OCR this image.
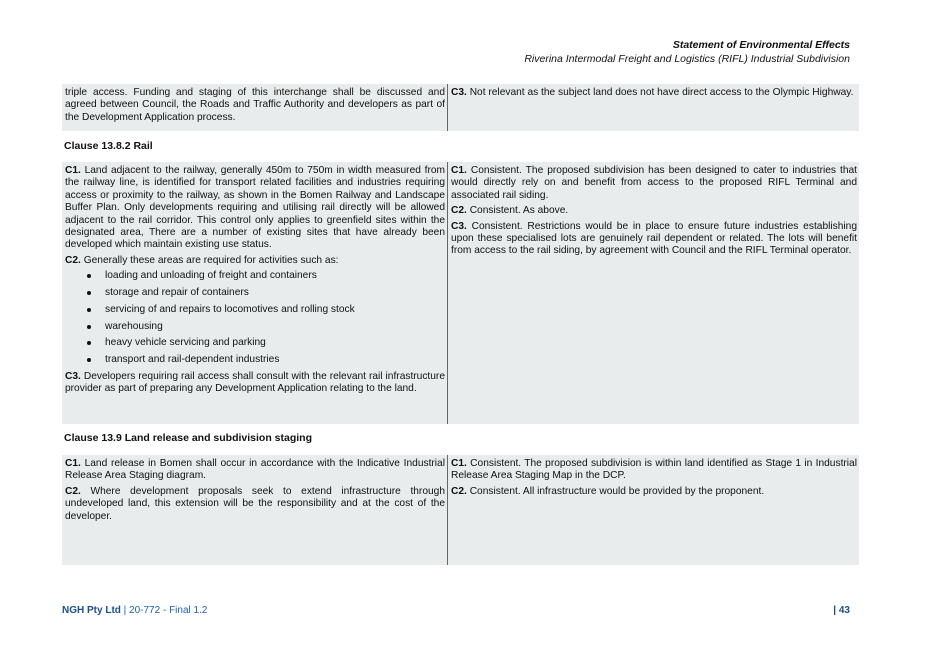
Statement of Environmental Effects
Riverina Intermodal Freight and Logistics (RIFL) Industrial Subdivision

triple access. Funding and staging of this interchange shall be discussed and agreed between Council, the Roads and Traffic Authority and developers as part of the Development Application process.

C3. Not relevant as the subject land does not have direct access to the Olympic Highway.

Clause 13.8.2 Rail

C1. Land adjacent to the railway, generally 450m to 750m in width measured from the railway line, is identified for transport related facilities and industries requiring access or proximity to the railway, as shown in the Bomen Railway and Landscape Buffer Plan. Only developments requiring and utilising rail directly will be allowed adjacent to the rail corridor. This control only applies to greenfield sites within the designated area, There are a number of existing sites that have already been developed which maintain existing use status.

C2. Generally these areas are required for activities such as:

loading and unloading of freight and containers
storage and repair of containers
servicing of and repairs to locomotives and rolling stock
warehousing
heavy vehicle servicing and parking
transport and rail-dependent industries

C3. Developers requiring rail access shall consult with the relevant rail infrastructure provider as part of preparing any Development Application relating to the land.

C1. Consistent. The proposed subdivision has been designed to cater to industries that would directly rely on and benefit from access to the proposed RIFL Terminal and associated rail siding.

C2. Consistent. As above.

C3. Consistent. Restrictions would be in place to ensure future industries establishing upon these specialised lots are genuinely rail dependent or related. The lots will benefit from access to the rail siding, by agreement with Council and the RIFL Terminal operator.

Clause 13.9 Land release and subdivision staging

C1. Land release in Bomen shall occur in accordance with the Indicative Industrial Release Area Staging diagram.

C2. Where development proposals seek to extend infrastructure through undeveloped land, this extension will be the responsibility and at the cost of the developer.

C1. Consistent. The proposed subdivision is within land identified as Stage 1 in Industrial Release Area Staging Map in the DCP.

C2. Consistent. All infrastructure would be provided by the proponent.

NGH Pty Ltd | 20-772 - Final 1.2	| 43
